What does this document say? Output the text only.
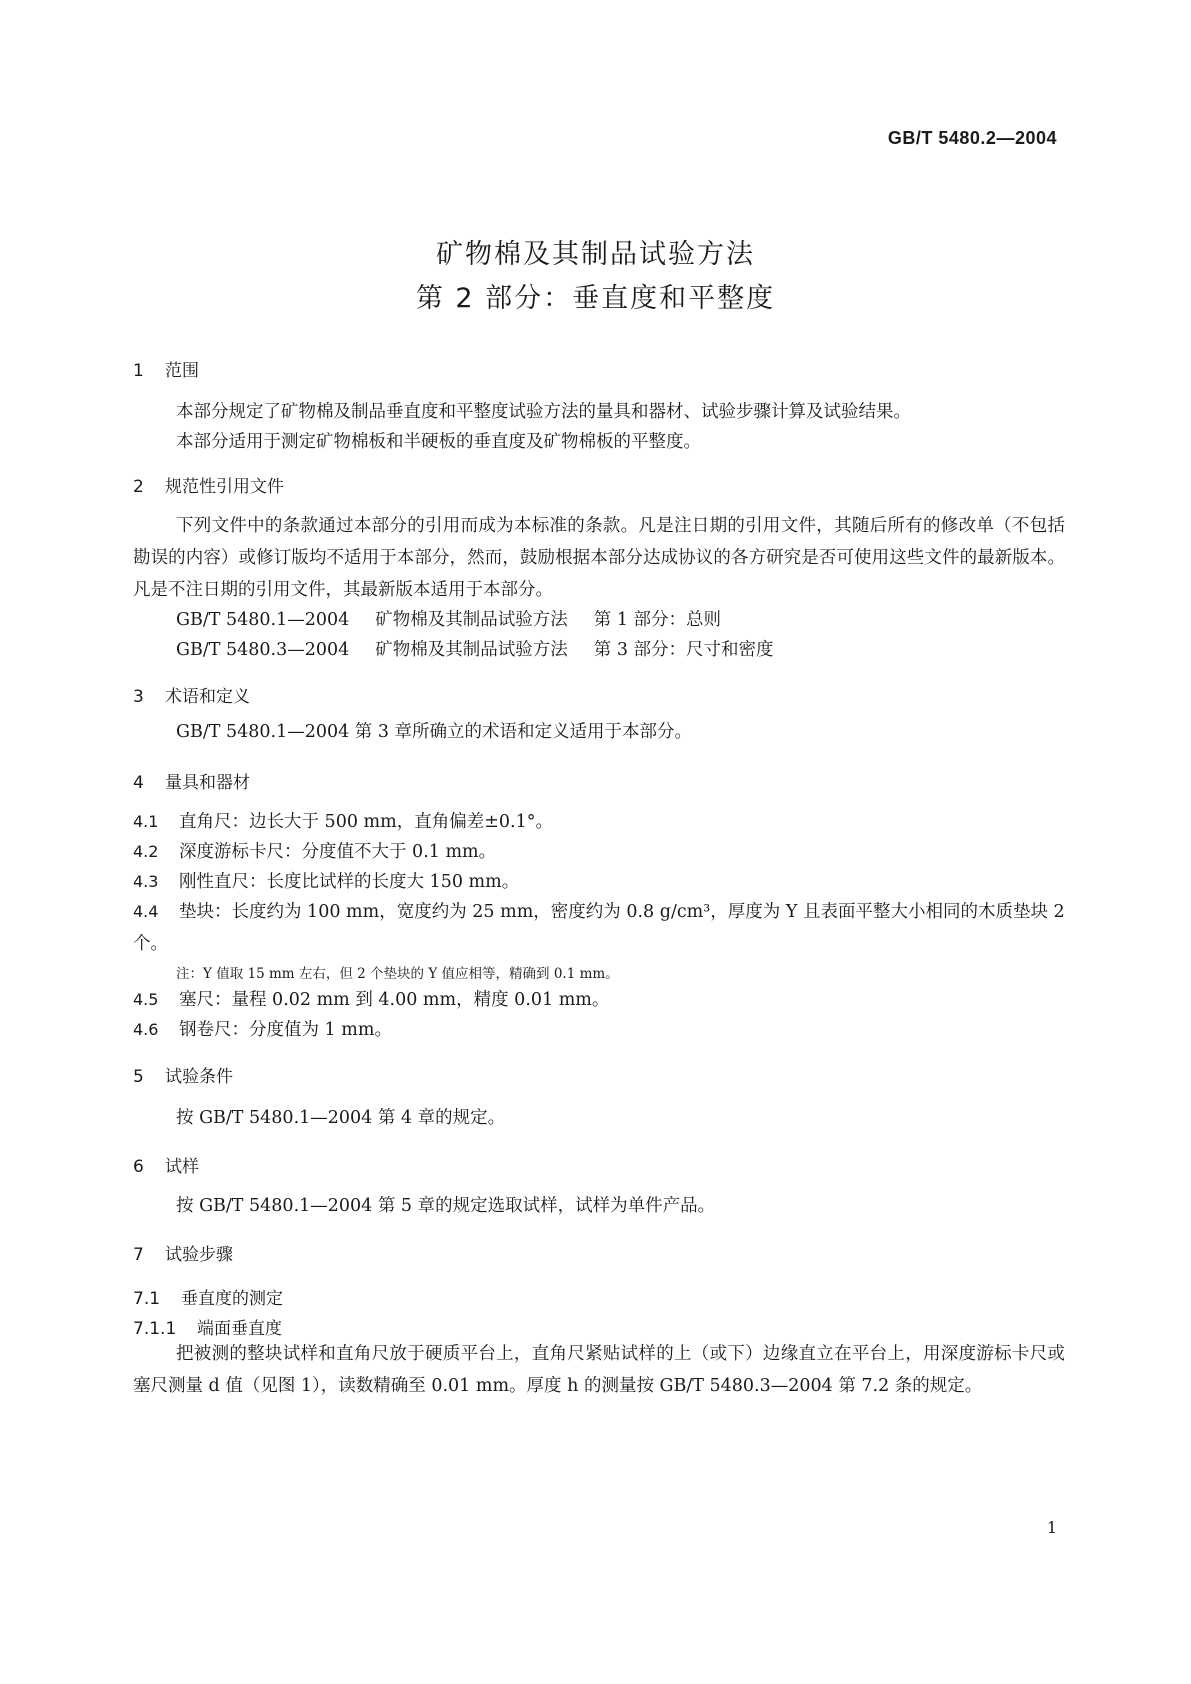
GB/T 5480.2—2004
矿物棉及其制品试验方法
第 2 部分：垂直度和平整度
1 范围

本部分规定了矿物棉及制品垂直度和平整度试验方法的量具和器材、试验步骤计算及试验结果。

本部分适用于测定矿物棉板和半硬板的垂直度及矿物棉板的平整度。

2 规范性引用文件

下列文件中的条款通过本部分的引用而成为本标准的条款。凡是注日期的引用文件，其随后所有的修改单（不包括勘误的内容）或修订版均不适用于本部分，然而，鼓励根据本部分达成协议的各方研究是否可使用这些文件的最新版本。凡是不注日期的引用文件，其最新版本适用于本部分。

GB/T 5480.1—2004 矿物棉及其制品试验方法 第 1 部分：总则
GB/T 5480.3—2004 矿物棉及其制品试验方法 第 3 部分：尺寸和密度
3 术语和定义

GB/T 5480.1—2004 第 3 章所确立的术语和定义适用于本部分。

4 量具和器材

4.1 直角尺：边长大于 500 mm，直角偏差±0.1°。

4.2 深度游标卡尺：分度值不大于 0.1 mm。

4.3 刚性直尺：长度比试样的长度大 150 mm。

4.4 垫块：长度约为 100 mm，宽度约为 25 mm，密度约为 0.8 g/cm³，厚度为 Y 且表面平整大小相同的木质垫块 2 个。

注：Y 值取 15 mm 左右，但 2 个垫块的 Y 值应相等，精确到 0.1 mm。

4.5 塞尺：量程 0.02 mm 到 4.00 mm，精度 0.01 mm。

4.6 钢卷尺：分度值为 1 mm。

5 试验条件

按 GB/T 5480.1—2004 第 4 章的规定。

6 试样

按 GB/T 5480.1—2004 第 5 章的规定选取试样，试样为单件产品。

7 试验步骤
7.1 垂直度的测定
7.1.1 端面垂直度

把被测的整块试样和直角尺放于硬质平台上，直角尺紧贴试样的上（或下）边缘直立在平台上，用深度游标卡尺或塞尺测量 d 值（见图 1），读数精确至 0.01 mm。厚度 h 的测量按 GB/T 5480.3—2004 第 7.2 条的规定。

1
